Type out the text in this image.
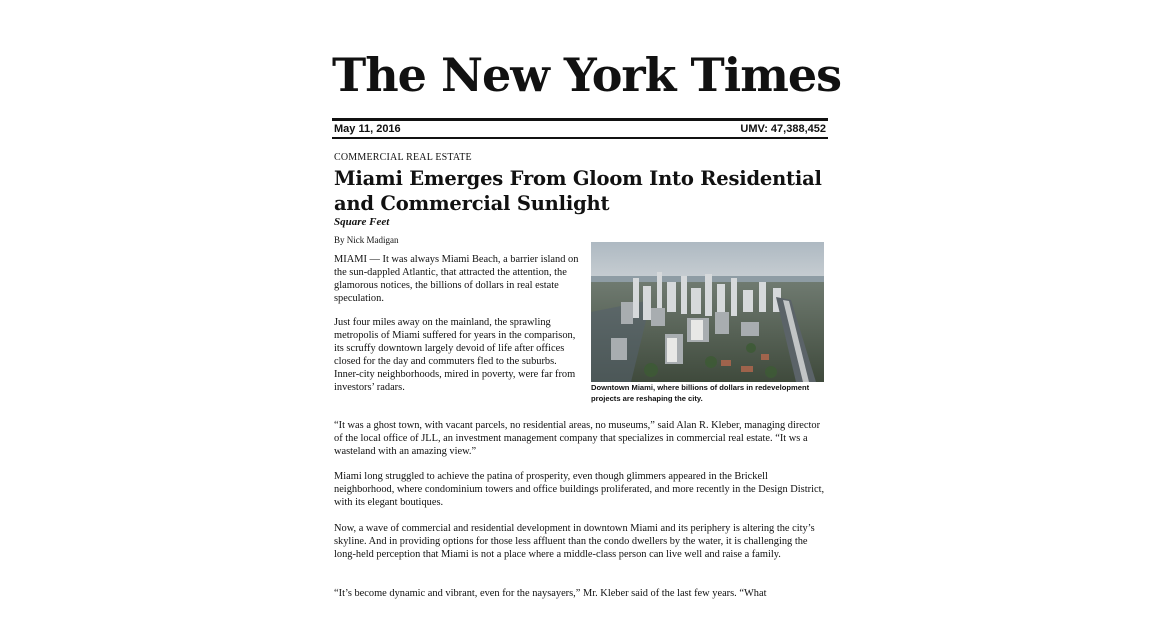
The New York Times
May 11, 2016	UMV: 47,388,452
COMMERCIAL REAL ESTATE
Miami Emerges From Gloom Into Residential and Commercial Sunlight
Square Feet
By Nick Madigan
MIAMI — It was always Miami Beach, a barrier island on the sun-dappled Atlantic, that attracted the attention, the glamorous notices, the billions of dollars in real estate speculation.
Just four miles away on the mainland, the sprawling metropolis of Miami suffered for years in the comparison, its scruffy downtown largely devoid of life after offices closed for the day and commuters fled to the suburbs. Inner-city neighborhoods, mired in poverty, were far from investors’ radars.	Downtown Miami, where billions of dollars in redevelopment projects are reshaping the city.
“It was a ghost town, with vacant parcels, no residential areas, no museums,” said Alan R. Kleber, managing director of the local office of JLL, an investment management company that specializes in commercial real estate. “It ws a wasteland with an amazing view.”
Miami long struggled to achieve the patina of prosperity, even though glimmers appeared in the Brickell neighborhood, where condominium towers and office buildings proliferated, and more recently in the Design District, with its elegant boutiques.
Now, a wave of commercial and residential development in downtown Miami and its periphery is altering the city’s skyline. And in providing options for those less affluent than the condo dwellers by the water, it is challenging the long-held perception that Miami is not a place where a middle-class person can live well and raise a family.
“It’s become dynamic and vibrant, even for the naysayers,” Mr. Kleber said of the last few years. “What
